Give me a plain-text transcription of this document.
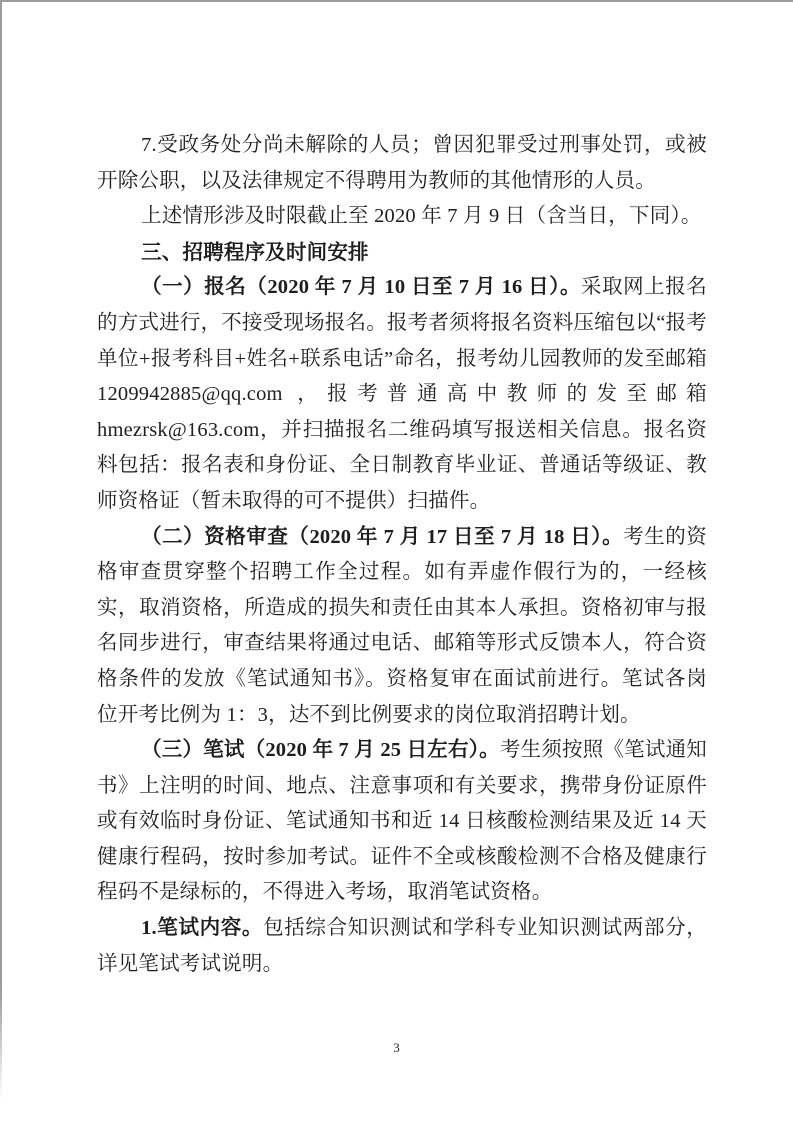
7.受政务处分尚未解除的人员；曾因犯罪受过刑事处罚，或被开除公职，以及法律规定不得聘用为教师的其他情形的人员。

上述情形涉及时限截止至 2020 年 7 月 9 日（含当日，下同）。

三、招聘程序及时间安排

（一）报名（2020 年 7 月 10 日至 7 月 16 日）。采取网上报名的方式进行，不接受现场报名。报考者须将报名资料压缩包以“报考单位+报考科目+姓名+联系电话”命名，报考幼儿园教师的发至邮箱 1209942885@qq.com ，报考普通高中教师的发至邮箱 hmezrsk@163.com，并扫描报名二维码填写报送相关信息。报名资料包括：报名表和身份证、全日制教育毕业证、普通话等级证、教师资格证（暂未取得的可不提供）扫描件。

（二）资格审查（2020 年 7 月 17 日至 7 月 18 日）。考生的资格审查贯穿整个招聘工作全过程。如有弄虚作假行为的，一经核实，取消资格，所造成的损失和责任由其本人承担。资格初审与报名同步进行，审查结果将通过电话、邮箱等形式反馈本人，符合资格条件的发放《笔试通知书》。资格复审在面试前进行。笔试各岗位开考比例为 1：3，达不到比例要求的岗位取消招聘计划。

（三）笔试（2020 年 7 月 25 日左右）。考生须按照《笔试通知书》上注明的时间、地点、注意事项和有关要求，携带身份证原件或有效临时身份证、笔试通知书和近 14 日核酸检测结果及近 14 天健康行程码，按时参加考试。证件不全或核酸检测不合格及健康行程码不是绿标的，不得进入考场，取消笔试资格。

1.笔试内容。包括综合知识测试和学科专业知识测试两部分，详见笔试考试说明。

3
